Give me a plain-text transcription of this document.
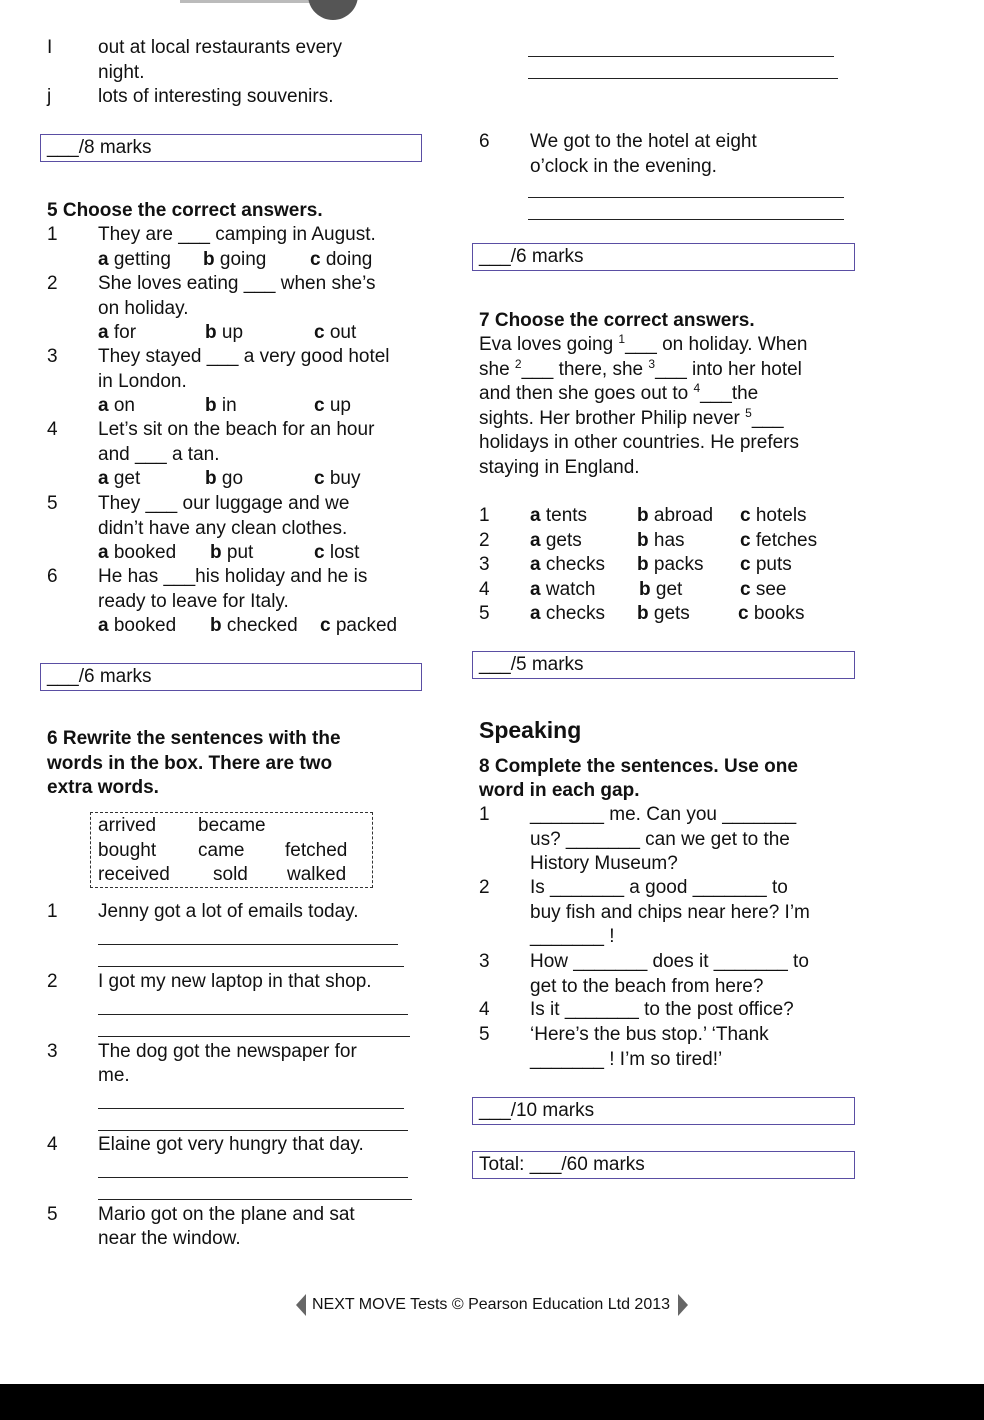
I out at local restaurants every
night.
j lots of interesting souvenirs.
___/8 marks	6 We got to the hotel at eight
o’clock in the evening.
___/6 marks
5 Choose the correct answers.
1 They are ___ camping in August.
a getting b going c doing
2 She loves eating ___ when she’s
on holiday.
a for	b up	c out
3 They stayed ___ a very good hotel
in London.
a on	b in	c up
4 Let’s sit on the beach for an hour
and ___ a tan.
a get	b go	c buy
5 They ___ our luggage and we
didn’t have any clean clothes.
a booked b put	c lost
6 He has ___his holiday and he is
ready to leave for Italy.
a booked b checked c packed
___/6 marks
6 Rewrite the sentences with the
words in the box. There are two
extra words.
arrived became
bought came fetched
received sold walked
1 Jenny got a lot of emails today.
2 I got my new laptop in that shop.
3 The dog got the newspaper for
me.
4 Elaine got very hungry that day.
5 Mario got on the plane and sat
near the window.
7 Choose the correct answers.
Eva loves going $^1$___ on holiday. When
she $^2$___ there, she $^3$___ into her hotel
and then she goes out to $^4$___the
sights. Her brother Philip never $^5$___
holidays in other countries. He prefers
staying in England.
1 a tents	b abroad c hotels
2 a gets	b has	c fetches
3 a checks b packs c puts
4 a watch b get	c see
5 a checks b gets	c books
___/5 marks
Speaking
8 Complete the sentences. Use one
word in each gap.
1 _______ me. Can you _______
us? _______ can we get to the
History Museum?
2 Is _______ a good _______ to
buy fish and chips near here? I’m
_______ !
3 How _______ does it _______ to
get to the beach from here?
4 Is it _______ to the post office?
5 ‘Here’s the bus stop.’ ‘Thank
_______ ! I’m so tired!’
___/10 marks
Total: ___/60 marks
NEXT MOVE Tests © Pearson Education Ltd 2013
